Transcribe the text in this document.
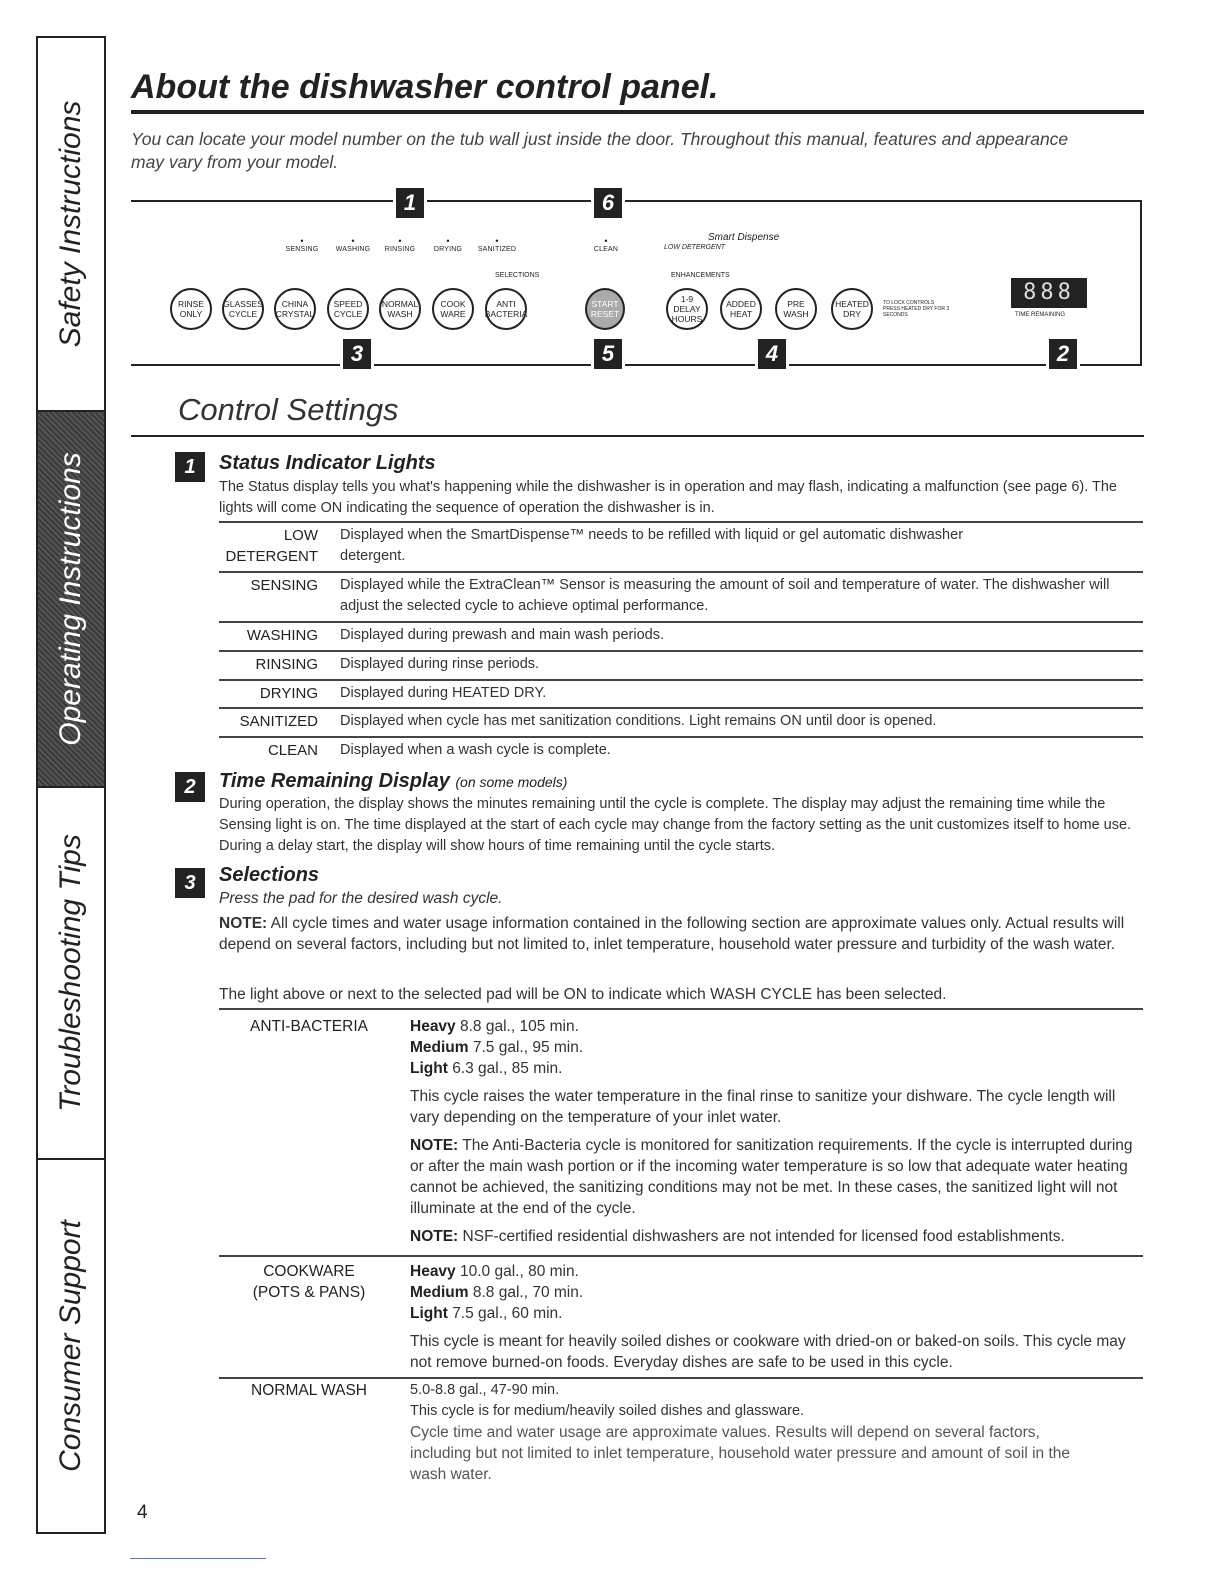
Safety Instructions
Operating Instructions
Troubleshooting Tips
Consumer Support
About the dishwasher control panel.

You can locate your model number on the tub wall just inside the door. Throughout this manual, features and appearance may vary from your model.

1	6
3	5	4	2
• SENSING	• WASHING	• RINSING	• DRYING	• SANITIZED	• CLEAN	LOW DETERGENT
Smart Dispense
SELECTIONS	ENHANCEMENTS
RINSE ONLY
GLASSES CYCLE
CHINA CRYSTAL
SPEED CYCLE
NORMAL WASH
COOK WARE
ANTI BACTERIA
START RESET
1-9 DELAY HOURS
ADDED HEAT
PRE WASH
HEATED DRY
TO LOCK CONTROLS PRESS HEATED DRY FOR 3 SECONDS
888
TIME REMAINING
Control Settings
1	Status Indicator Lights

The Status display tells you what's happening while the dishwasher is in operation and may flash, indicating a malfunction (see page 6). The lights will come ON indicating the sequence of operation the dishwasher is in.

LOW DETERGENT
Displayed when the SmartDispense™ needs to be refilled with liquid or gel automatic dishwasher detergent.
SENSING Displayed while the ExtraClean™ Sensor is measuring the amount of soil and temperature of water. The dishwasher will adjust the selected cycle to achieve optimal performance.
WASHING Displayed during prewash and main wash periods.
RINSING Displayed during rinse periods.
DRYING Displayed during HEATED DRY.
SANITIZED Displayed when cycle has met sanitization conditions. Light remains ON until door is opened.
CLEAN Displayed when a wash cycle is complete.
2	Time Remaining Display (on some models)

During operation, the display shows the minutes remaining until the cycle is complete. The display may adjust the remaining time while the Sensing light is on. The time displayed at the start of each cycle may change from the factory setting as the unit customizes itself to home use. During a delay start, the display will show hours of time remaining until the cycle starts.

3	Selections

Press the pad for the desired wash cycle.

NOTE: All cycle times and water usage information contained in the following section are approximate values only. Actual results will depend on several factors, including but not limited to, inlet temperature, household water pressure and turbidity of the wash water.

The light above or next to the selected pad will be ON to indicate which WASH CYCLE has been selected.

ANTI-BACTERIA	Heavy 8.8 gal., 105 min.

Medium 7.5 gal., 95 min.

Light 6.3 gal., 85 min.

This cycle raises the water temperature in the final rinse to sanitize your dishware. The cycle length will vary depending on the temperature of your inlet water.

NOTE: The Anti-Bacteria cycle is monitored for sanitization requirements. If the cycle is interrupted during or after the main wash portion or if the incoming water temperature is so low that adequate water heating cannot be achieved, the sanitizing conditions may not be met. In these cases, the sanitized light will not illuminate at the end of the cycle.

NOTE: NSF-certified residential dishwashers are not intended for licensed food establishments.

COOKWARE (POTS & PANS)

Heavy 10.0 gal., 80 min.

Medium 8.8 gal., 70 min.

Light 7.5 gal., 60 min.

This cycle is meant for heavily soiled dishes or cookware with dried-on or baked-on soils. This cycle may not remove burned-on foods. Everyday dishes are safe to be used in this cycle.

NORMAL WASH	5.0-8.8 gal., 47-90 min.

This cycle is for medium/heavily soiled dishes and glassware.

Cycle time and water usage are approximate values. Results will depend on several factors, including but not limited to inlet temperature, household water pressure and amount of soil in the wash water.

4
